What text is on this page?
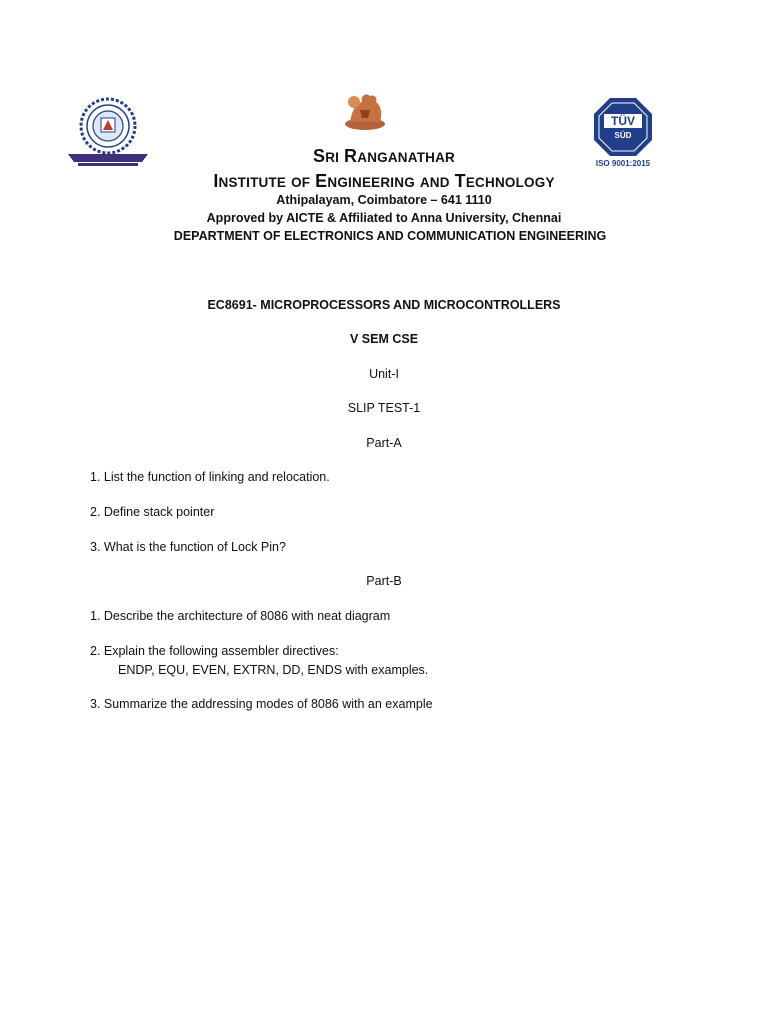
TÜV
SÜD
ISO 9001:2015
SRI RANGANATHAR
INSTITUTE OF ENGINEERING AND TECHNOLOGY
Athipalayam, Coimbatore – 641 1110
Approved by AICTE & Affiliated to Anna University, Chennai
DEPARTMENT OF ELECTRONICS AND COMMUNICATION ENGINEERING
EC8691- MICROPROCESSORS AND MICROCONTROLLERS
V SEM CSE
Unit-I
SLIP TEST-1
Part-A
1. List the function of linking and relocation.
2. Define stack pointer
3. What is the function of Lock Pin?
Part-B
1. Describe the architecture of 8086 with neat diagram
2. Explain the following assembler directives:
ENDP, EQU, EVEN, EXTRN, DD, ENDS with examples.
3. Summarize the addressing modes of 8086 with an example
